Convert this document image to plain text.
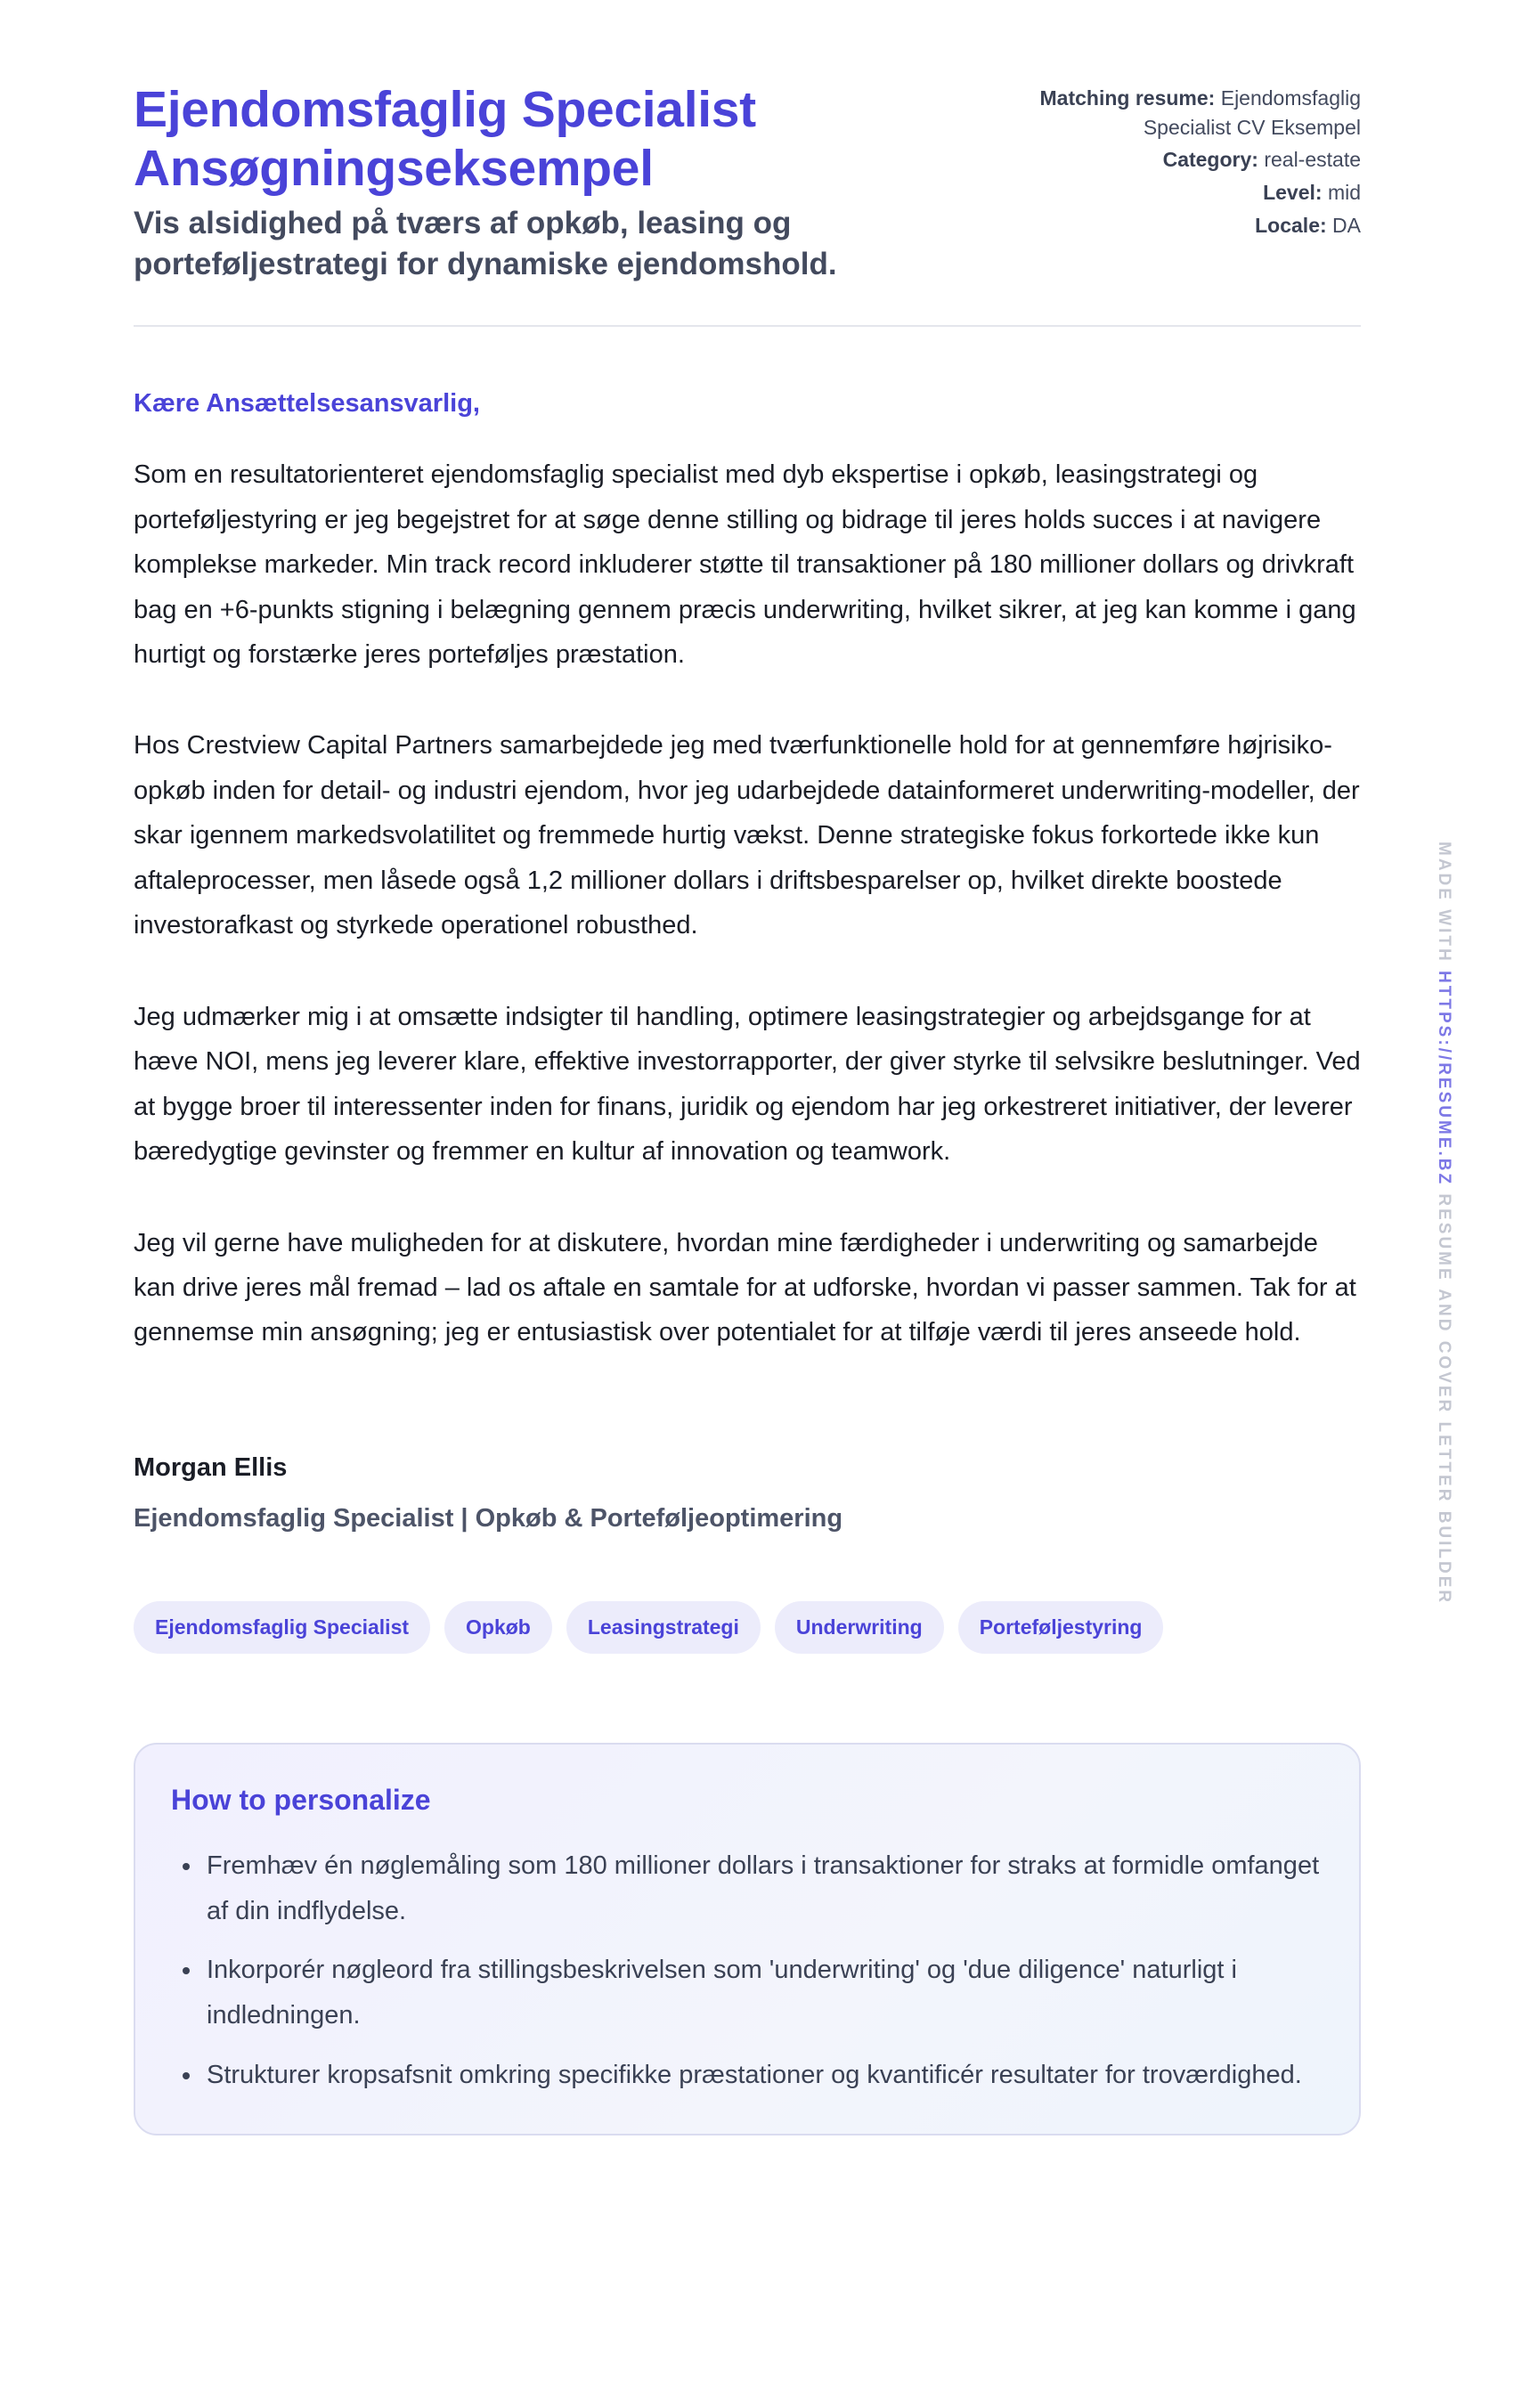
Ejendomsfaglig Specialist
Ansøgningseksempel

Vis alsidighed på tværs af opkøb, leasing og porteføljestrategi for dynamiske ejendomshold.

Matching resume: Ejendomsfaglig Specialist CV Eksempel
Category: real-estate
Level: mid
Locale: DA

Kære Ansættelsesansvarlig,

Som en resultatorienteret ejendomsfaglig specialist med dyb ekspertise i opkøb, leasingstrategi og porteføljestyring er jeg begejstret for at søge denne stilling og bidrage til jeres holds succes i at navigere komplekse markeder. Min track record inkluderer støtte til transaktioner på 180 millioner dollars og drivkraft bag en +6-punkts stigning i belægning gennem præcis underwriting, hvilket sikrer, at jeg kan komme i gang hurtigt og forstærke jeres porteføljes præstation.

Hos Crestview Capital Partners samarbejdede jeg med tværfunktionelle hold for at gennemføre højrisiko-opkøb inden for detail- og industri ejendom, hvor jeg udarbejdede datainformeret underwriting-modeller, der skar igennem markedsvolatilitet og fremmede hurtig vækst. Denne strategiske fokus forkortede ikke kun aftaleprocesser, men låsede også 1,2 millioner dollars i driftsbesparelser op, hvilket direkte boostede investorafkast og styrkede operationel robusthed.

Jeg udmærker mig i at omsætte indsigter til handling, optimere leasingstrategier og arbejdsgange for at hæve NOI, mens jeg leverer klare, effektive investorrapporter, der giver styrke til selvsikre beslutninger. Ved at bygge broer til interessenter inden for finans, juridik og ejendom har jeg orkestreret initiativer, der leverer bæredygtige gevinster og fremmer en kultur af innovation og teamwork.

Jeg vil gerne have muligheden for at diskutere, hvordan mine færdigheder i underwriting og samarbejde kan drive jeres mål fremad – lad os aftale en samtale for at udforske, hvordan vi passer sammen. Tak for at gennemse min ansøgning; jeg er entusiastisk over potentialet for at tilføje værdi til jeres anseede hold.

Morgan Ellis

Ejendomsfaglig Specialist | Opkøb & Porteføljeoptimering

Ejendomsfaglig Specialist	Opkøb	Leasingstrategi	Underwriting	Porteføljestyring
How to personalize
• Fremhæv én nøglemåling som 180 millioner dollars i transaktioner for straks at formidle omfanget af din indflydelse.
• Inkorporér nøgleord fra stillingsbeskrivelsen som 'underwriting' og 'due diligence' naturligt i indledningen.
• Strukturer kropsafsnit omkring specifikke præstationer og kvantificér resultater for troværdighed.
MADE WITH HTTPS://RESUME.BZ RESUME AND COVER LETTER BUILDER
